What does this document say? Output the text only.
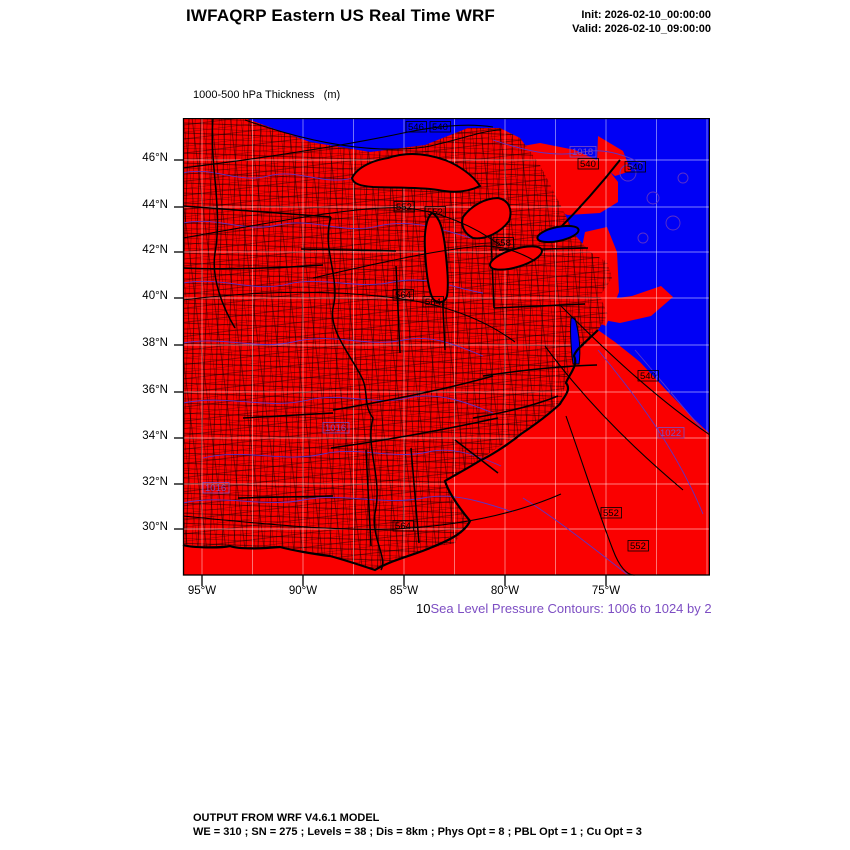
IWFAQRP Eastern US Real Time WRF	Init: 2026-02-10_00:00:00
Valid: 2026-02-10_09:00:00

1000-500 hPa Thickness   (m)

546 540
540	540
552 552
558
564
564
540
552
552
564
1018
1022
1016
1016
46°N
44°N
42°N
40°N
38°N
36°N
34°N
32°N
30°N
95°W	90°W	85°W	80°W	75°W
10Sea Level Pressure Contours: 1006 to 1024 by 2
OUTPUT FROM WRF V4.6.1 MODEL
WE = 310 ; SN = 275 ; Levels = 38 ; Dis = 8km ; Phys Opt = 8 ; PBL Opt = 1 ; Cu Opt = 3
